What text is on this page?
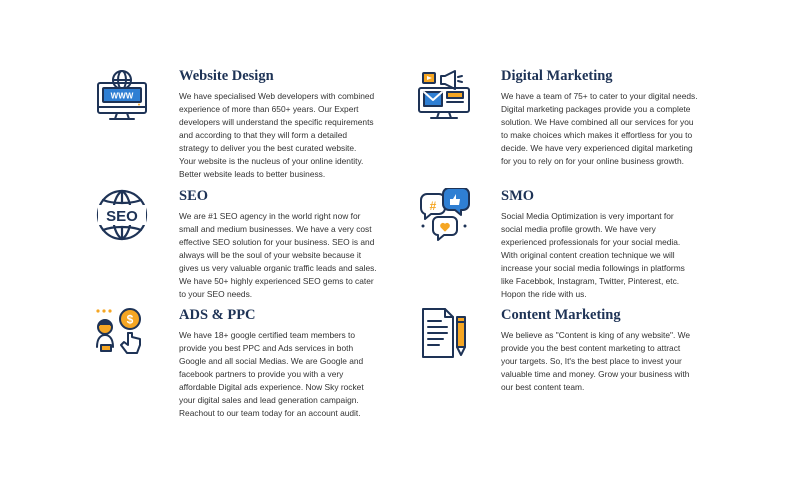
WWW
Website Design
We have specialised Web developers with combined
experience of more than 650+ years. Our Expert
developers will understand the specific requirements
and according to that they will form a detailed
strategy to deliver you the best curated website.
Your website is the nucleus of your online identity.
Better website leads to better business.
Digital Marketing
We have a team of 75+ to cater to your digital needs.
Digital marketing packages provide you a complete
solution. We Have combined all our services for you
to make choices which makes it effortless for you to
decide. We have very experienced digital marketing
for you to rely on for your online business growth.
SEO
SEO
We are #1 SEO agency in the world right now for
small and medium businesses. We have a very cost
effective SEO solution for your business. SEO is and
always will be the soul of your website because it
gives us very valuable organic traffic leads and sales.
We have 50+ highly experienced SEO gems to cater
to your SEO needs.
#
SMO
Social Media Optimization is very important for
social media profile growth. We have very
experienced professionals for your social media.
With original content creation technique we will
increase your social media followings in platforms
like Facebbok, Instagram, Twitter, Pinterest, etc.
Hopon the ride with us.
$	ADS & PPC
We have 18+ google certified team members to
provide you best PPC and Ads services in both
Google and all social Medias. We are Google and
facebook partners to provide you with a very
affordable Digital ads experience. Now Sky rocket
your digital sales and lead generation campaign.
Reachout to our team today for an account audit.
Content Marketing
We believe as "Content is king of any website". We
provide you the best content marketing to attract
your targets. So, It's the best place to invest your
valuable time and money. Grow your business with
our best content team.
